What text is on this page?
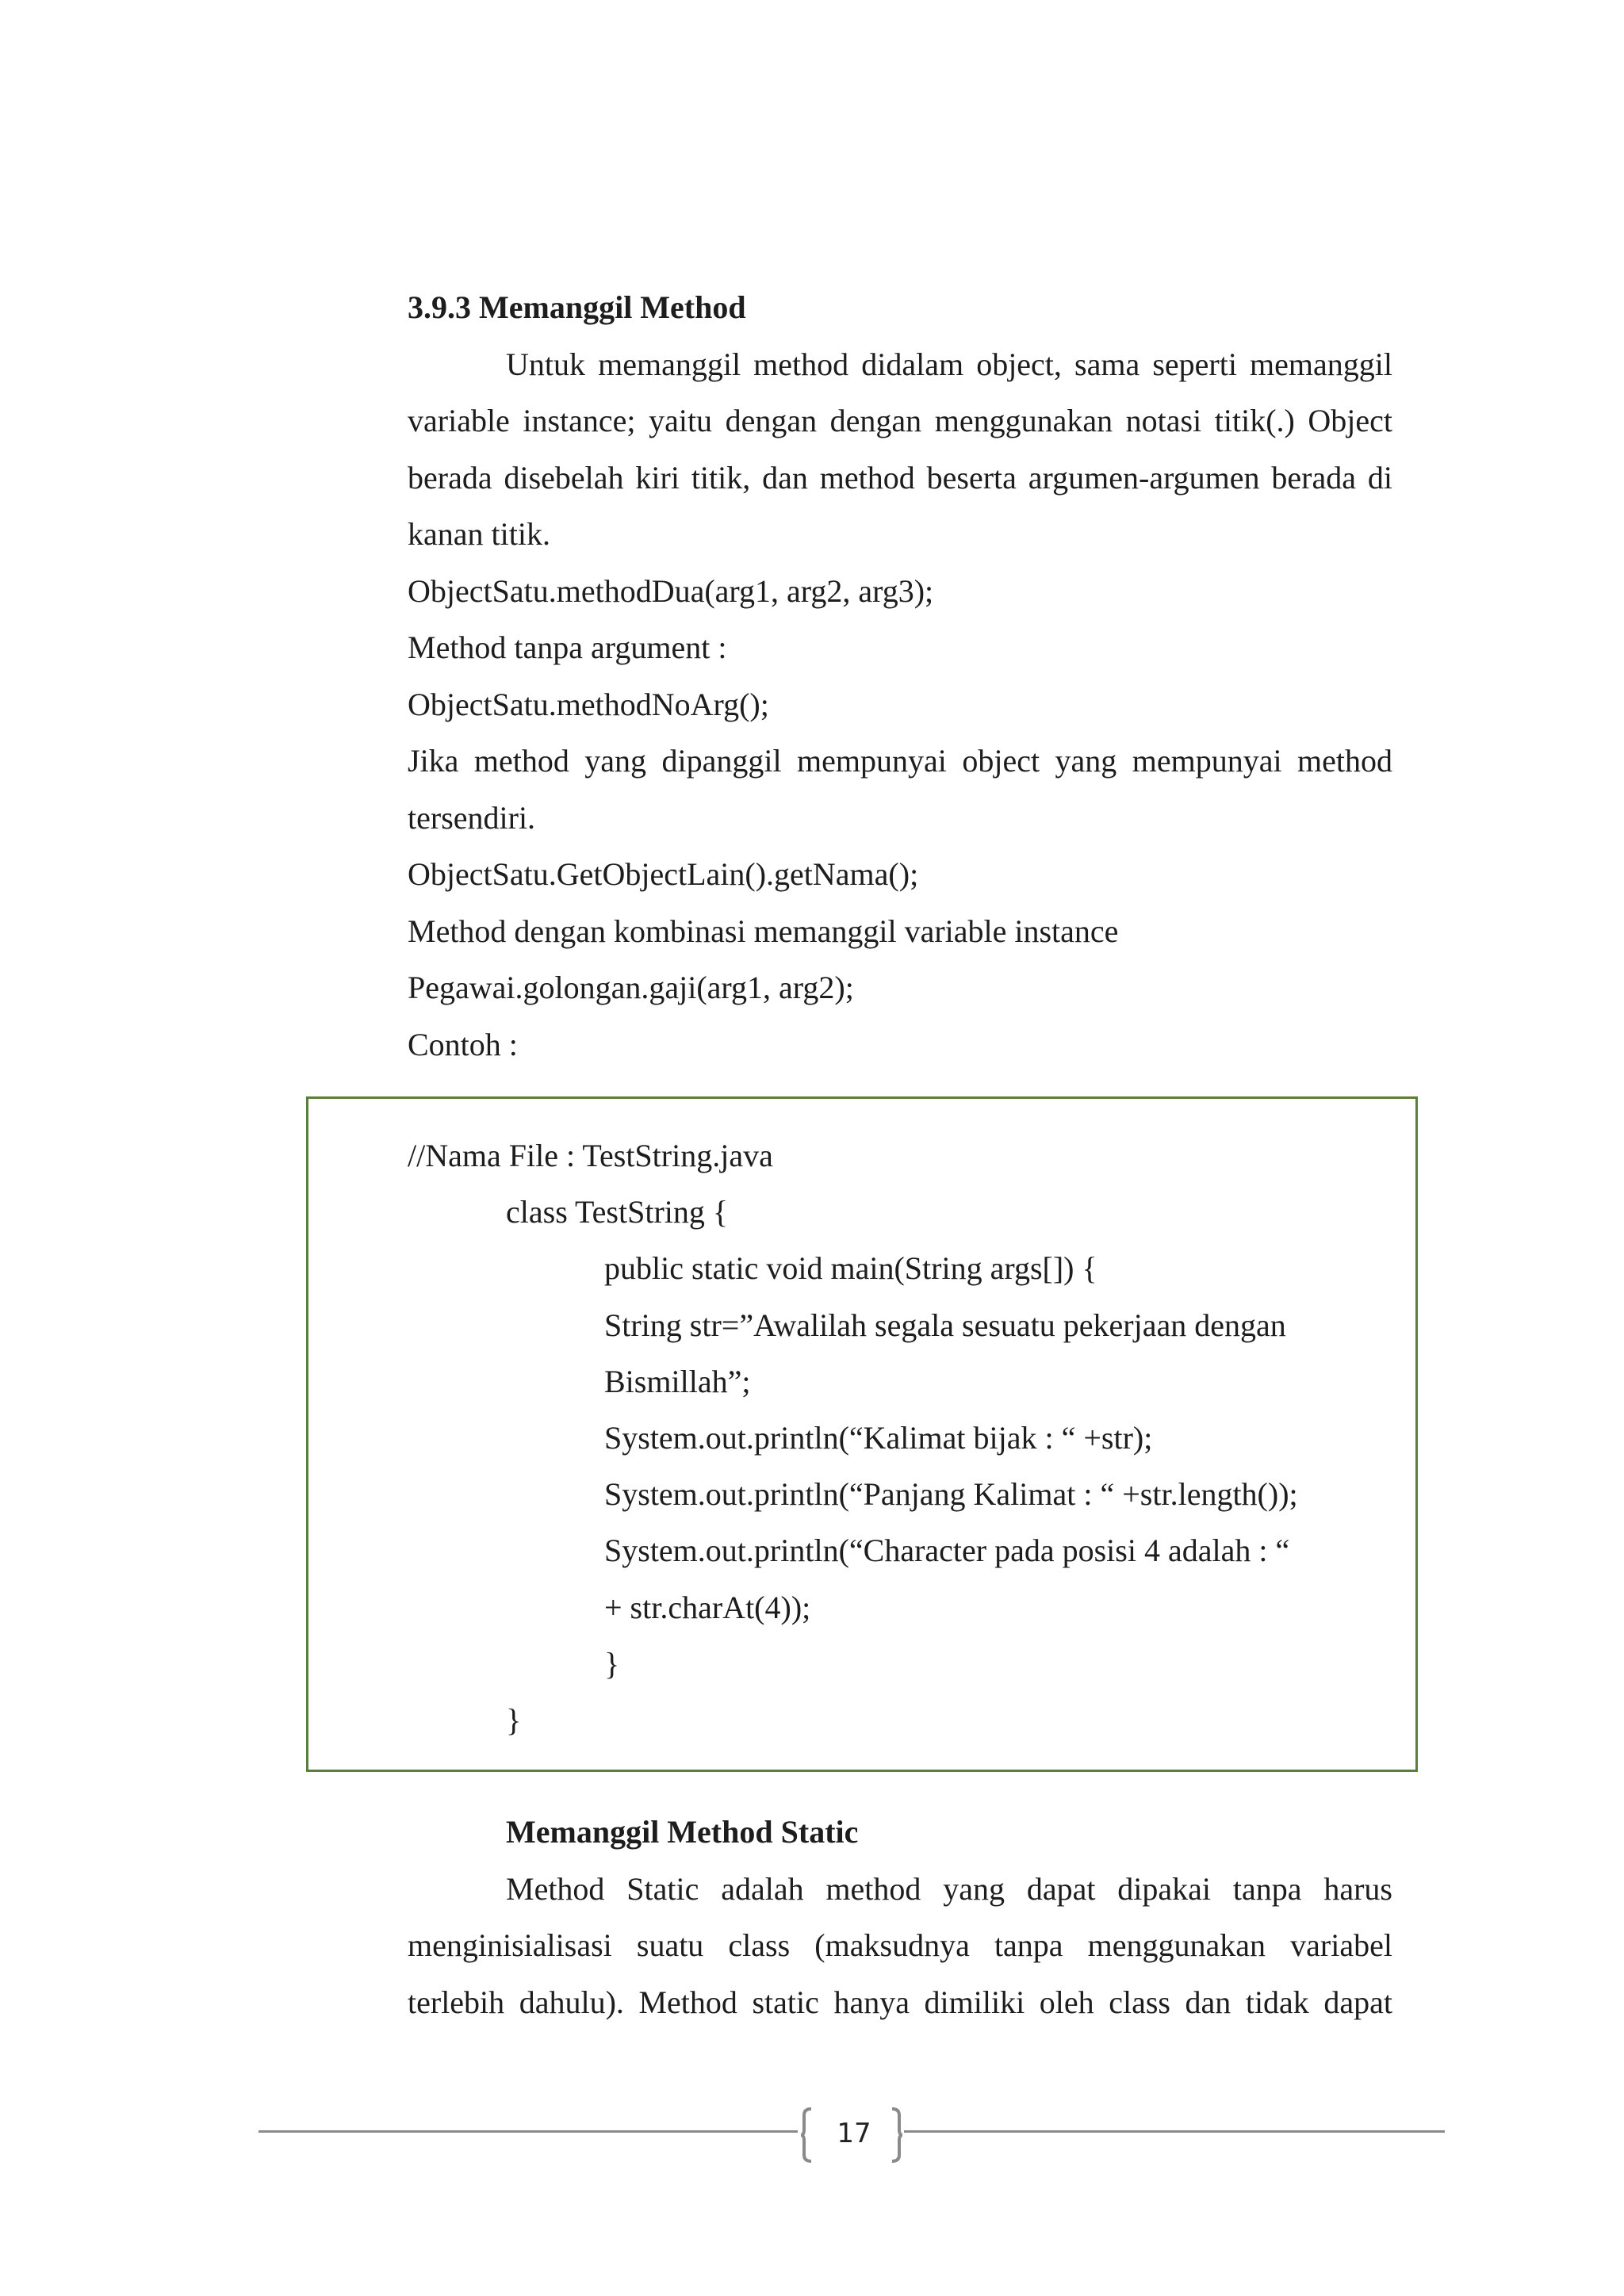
3.9.3 Memanggil Method
Untuk memanggil method didalam object, sama seperti memanggil
variable instance; yaitu dengan dengan menggunakan notasi titik(.) Object
berada disebelah kiri titik, dan method beserta argumen-argumen berada di
kanan titik.
ObjectSatu.methodDua(arg1, arg2, arg3);
Method tanpa argument :
ObjectSatu.methodNoArg();
Jika method yang dipanggil mempunyai object yang mempunyai method
tersendiri.
ObjectSatu.GetObjectLain().getNama();
Method dengan kombinasi memanggil variable instance
Pegawai.golongan.gaji(arg1, arg2);
Contoh :
//Nama File : TestString.java
class TestString {
public static void main(String args[]) {
String str=”Awalilah segala sesuatu pekerjaan dengan
Bismillah”;
System.out.println(“Kalimat bijak : “ +str);
System.out.println(“Panjang Kalimat : “ +str.length());
System.out.println(“Character pada posisi 4 adalah : “
+ str.charAt(4));
}
}
Memanggil Method Static
Method Static adalah method yang dapat dipakai tanpa harus
menginisialisasi suatu class (maksudnya tanpa menggunakan variabel
terlebih dahulu). Method static hanya dimiliki oleh class dan tidak dapat
17
